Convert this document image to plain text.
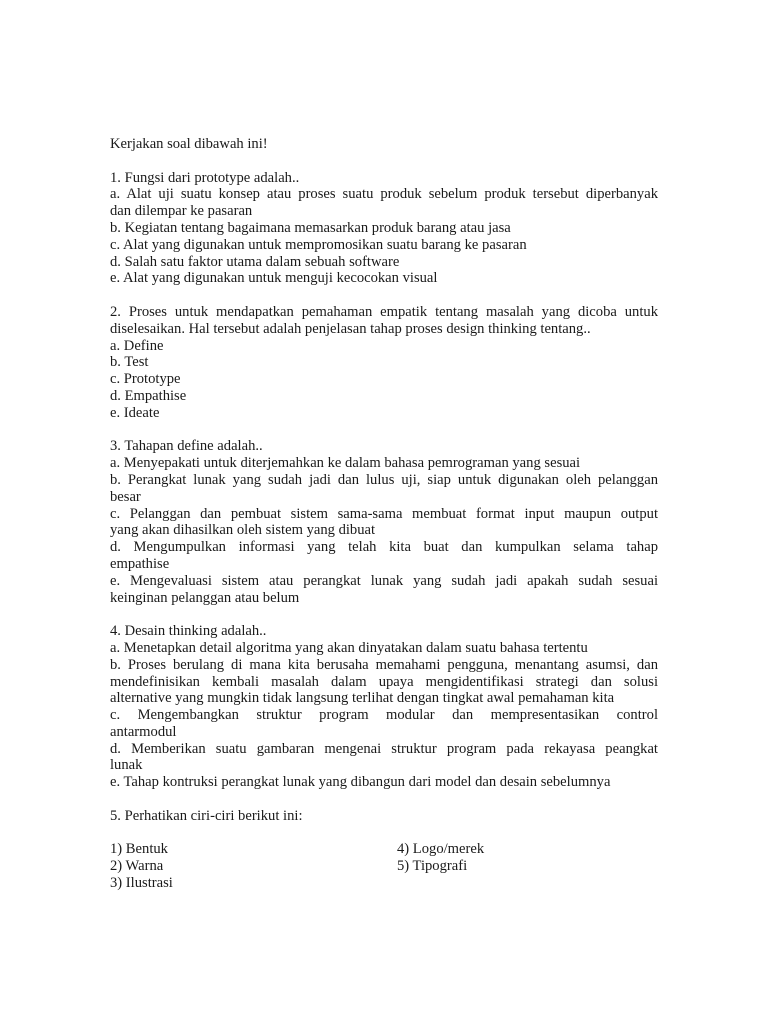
Kerjakan soal dibawah ini!
1. Fungsi dari prototype adalah..
a. Alat uji suatu konsep atau proses suatu produk sebelum produk tersebut diperbanyak
dan dilempar ke pasaran
b. Kegiatan tentang bagaimana memasarkan produk barang atau jasa
c. Alat yang digunakan untuk mempromosikan suatu barang ke pasaran
d. Salah satu faktor utama dalam sebuah software
e. Alat yang digunakan untuk menguji kecocokan visual
2. Proses untuk mendapatkan pemahaman empatik tentang masalah yang dicoba untuk
diselesaikan. Hal tersebut adalah penjelasan tahap proses design thinking tentang..
a. Define
b. Test
c. Prototype
d. Empathise
e. Ideate
3. Tahapan define adalah..
a. Menyepakati untuk diterjemahkan ke dalam bahasa pemrograman yang sesuai
b. Perangkat lunak yang sudah jadi dan lulus uji, siap untuk digunakan oleh pelanggan
besar
c. Pelanggan dan pembuat sistem sama-sama membuat format input maupun output
yang akan dihasilkan oleh sistem yang dibuat
d. Mengumpulkan informasi yang telah kita buat dan kumpulkan selama tahap
empathise
e. Mengevaluasi sistem atau perangkat lunak yang sudah jadi apakah sudah sesuai
keinginan pelanggan atau belum
4. Desain thinking adalah..
a. Menetapkan detail algoritma yang akan dinyatakan dalam suatu bahasa tertentu
b. Proses berulang di mana kita berusaha memahami pengguna, menantang asumsi, dan
mendefinisikan kembali masalah dalam upaya mengidentifikasi strategi dan solusi
alternative yang mungkin tidak langsung terlihat dengan tingkat awal pemahaman kita
c. Mengembangkan struktur program modular dan mempresentasikan control
antarmodul
d. Memberikan suatu gambaran mengenai struktur program pada rekayasa peangkat
lunak
e. Tahap kontruksi perangkat lunak yang dibangun dari model dan desain sebelumnya
5. Perhatikan ciri-ciri berikut ini:
1) Bentuk	4) Logo/merek
2) Warna	5) Tipografi
3) Ilustrasi
